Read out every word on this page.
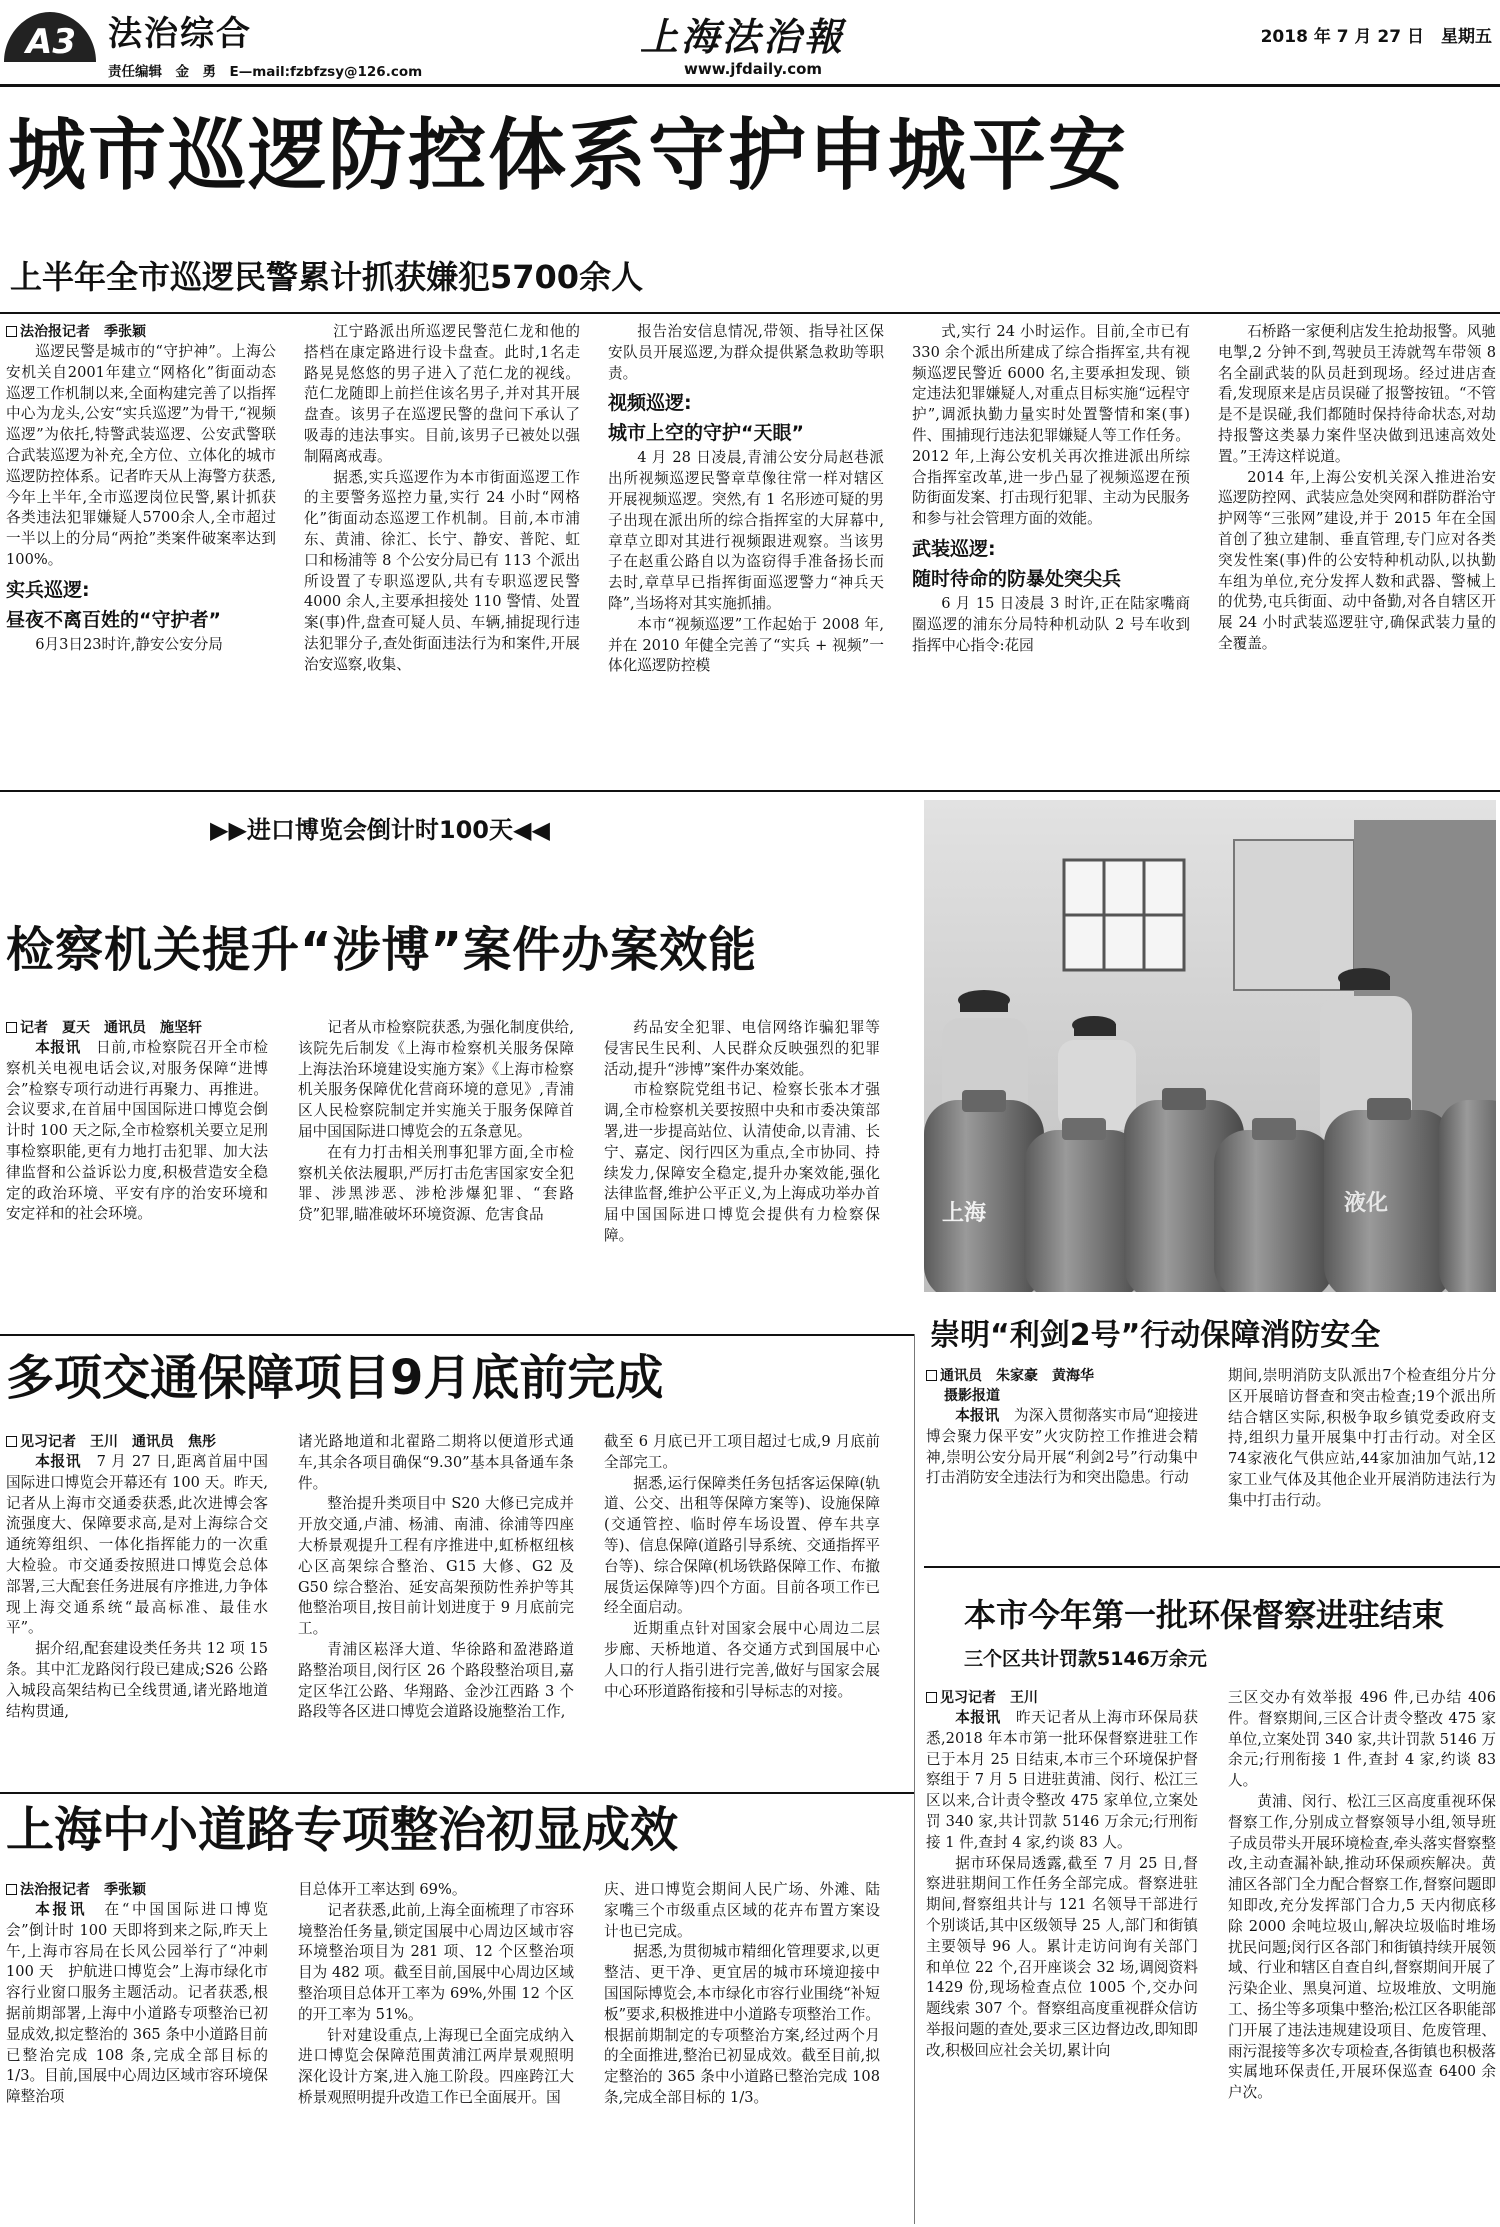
A3 法治综合
责任编辑　金　勇　E—mail:fzbfzsy@126.com
上海法治報
www.jfdaily.com
2018 年 7 月 27 日　星期五
城市巡逻防控体系守护申城平安
上半年全市巡逻民警累计抓获嫌犯5700余人
法治报记者　季张颖

巡逻民警是城市的“守护神”。上海公安机关自2001年建立“网格化”街面动态巡逻工作机制以来,全面构建完善了以指挥中心为龙头,公安“实兵巡逻”为骨干,“视频巡逻”为依托,特警武装巡逻、公安武警联合武装巡逻为补充,全方位、立体化的城市巡逻防控体系。记者昨天从上海警方获悉,今年上半年,全市巡逻岗位民警,累计抓获各类违法犯罪嫌疑人5700余人,全市超过一半以上的分局“两抢”类案件破案率达到100%。

实兵巡逻:
昼夜不离百姓的“守护者”

6月3日23时许,静安公安分局

江宁路派出所巡逻民警范仁龙和他的搭档在康定路进行设卡盘查。此时,1名走路晃晃悠悠的男子进入了范仁龙的视线。范仁龙随即上前拦住该名男子,并对其开展盘查。该男子在巡逻民警的盘问下承认了吸毒的违法事实。目前,该男子已被处以强制隔离戒毒。

据悉,实兵巡逻作为本市街面巡逻工作的主要警务巡控力量,实行 24 小时“网格化”街面动态巡逻工作机制。目前,本市浦东、黄浦、徐汇、长宁、静安、普陀、虹口和杨浦等 8 个公安分局已有 113 个派出所设置了专职巡逻队,共有专职巡逻民警 4000 余人,主要承担接处 110 警情、处置案(事)件,盘查可疑人员、车辆,捕捉现行违法犯罪分子,查处街面违法行为和案件,开展治安巡察,收集、

报告治安信息情况,带领、指导社区保安队员开展巡逻,为群众提供紧急救助等职责。

视频巡逻:
城市上空的守护“天眼”

4 月 28 日凌晨,青浦公安分局赵巷派出所视频巡逻民警章草像往常一样对辖区开展视频巡逻。突然,有 1 名形迹可疑的男子出现在派出所的综合指挥室的大屏幕中,章草立即对其进行视频跟进观察。当该男子在赵重公路自以为盗窃得手准备扬长而去时,章草早已指挥街面巡逻警力“神兵天降”,当场将对其实施抓捕。

本市“视频巡逻”工作起始于 2008 年,并在 2010 年健全完善了“实兵 + 视频”一体化巡逻防控模

式,实行 24 小时运作。目前,全市已有 330 余个派出所建成了综合指挥室,共有视频巡逻民警近 6000 名,主要承担发现、锁定违法犯罪嫌疑人,对重点目标实施“远程守护”,调派执勤力量实时处置警情和案(事)件、围捕现行违法犯罪嫌疑人等工作任务。2012 年,上海公安机关再次推进派出所综合指挥室改革,进一步凸显了视频巡逻在预防街面发案、打击现行犯罪、主动为民服务和参与社会管理方面的效能。

武装巡逻:
随时待命的防暴处突尖兵

6 月 15 日凌晨 3 时许,正在陆家嘴商圈巡逻的浦东分局特种机动队 2 号车收到指挥中心指令:花园

石桥路一家便利店发生抢劫报警。风驰电掣,2 分钟不到,驾驶员王涛就驾车带领 8 名全副武装的队员赶到现场。经过进店查看,发现原来是店员误碰了报警按钮。“不管是不是误碰,我们都随时保持待命状态,对劫持报警这类暴力案件坚决做到迅速高效处置。”王涛这样说道。

2014 年,上海公安机关深入推进治安巡逻防控网、武装应急处突网和群防群治守护网等“三张网”建设,并于 2015 年在全国首创了独立建制、垂直管理,专门应对各类突发性案(事)件的公安特种机动队,以执勤车组为单位,充分发挥人数和武器、警械上的优势,屯兵街面、动中备勤,对各自辖区开展 24 小时武装巡逻驻守,确保武装力量的全覆盖。

▶▶进口博览会倒计时100天◀◀
检察机关提升“涉博”案件办案效能
记者　夏天　通讯员　施坚轩

本报讯　 日前,市检察院召开全市检察机关电视电话会议,对服务保障“进博会”检察专项行动进行再聚力、再推进。会议要求,在首届中国国际进口博览会倒计时 100 天之际,全市检察机关要立足刑事检察职能,更有力地打击犯罪、加大法律监督和公益诉讼力度,积极营造安全稳定的政治环境、平安有序的治安环境和安定祥和的社会环境。

记者从市检察院获悉,为强化制度供给,该院先后制发《上海市检察机关服务保障上海法治环境建设实施方案》《上海市检察机关服务保障优化营商环境的意见》,青浦区人民检察院制定并实施关于服务保障首届中国国际进口博览会的五条意见。

在有力打击相关刑事犯罪方面,全市检察机关依法履职,严厉打击危害国家安全犯罪、涉黑涉恶、涉枪涉爆犯罪、“套路贷”犯罪,瞄准破坏环境资源、危害食品

药品安全犯罪、电信网络诈骗犯罪等侵害民生民利、人民群众反映强烈的犯罪活动,提升“涉博”案件办案效能。

市检察院党组书记、检察长张本才强调,全市检察机关要按照中央和市委决策部署,进一步提高站位、认清使命,以青浦、长宁、嘉定、闵行四区为重点,全市协同、持续发力,保障安全稳定,提升办案效能,强化法律监督,维护公平正义,为上海成功举办首届中国国际进口博览会提供有力检察保障。

上海	液化
崇明“利剑2号”行动保障消防安全
通讯员　朱家豪　黄海华
摄影报道

本报讯　 为深入贯彻落实市局“迎接进博会聚力保平安”火灾防控工作推进会精神,崇明公安分局开展“利剑2号”行动集中打击消防安全违法行为和突出隐患。行动

期间,崇明消防支队派出7个检查组分片分区开展暗访督查和突击检查;19个派出所结合辖区实际,积极争取乡镇党委政府支持,组织力量开展集中打击行动。对全区74家液化气供应站,44家加油加气站,12家工业气体及其他企业开展消防违法行为集中打击行动。

多项交通保障项目9月底前完成
见习记者　王川　通讯员　焦彤

本报讯　 7 月 27 日,距离首届中国国际进口博览会开幕还有 100 天。昨天,记者从上海市交通委获悉,此次进博会客流强度大、保障要求高,是对上海综合交通统筹组织、一体化指挥能力的一次重大检验。市交通委按照进口博览会总体部署,三大配套任务进展有序推进,力争体现上海交通系统“最高标准、最佳水平”。

据介绍,配套建设类任务共 12 项 15 条。其中汇龙路闵行段已建成;S26 公路入城段高架结构已全线贯通,诸光路地道结构贯通,

诸光路地道和北翟路二期将以便道形式通车,其余各项目确保“9.30”基本具备通车条件。

整治提升类项目中 S20 大修已完成并开放交通,卢浦、杨浦、南浦、徐浦等四座大桥景观提升工程有序推进中,虹桥枢纽核心区高架综合整治、G15 大修、G2 及 G50 综合整治、延安高架预防性养护等其他整治项目,按目前计划进度于 9 月底前完工。

青浦区崧泽大道、华徐路和盈港路道路整治项目,闵行区 26 个路段整治项目,嘉定区华江公路、华翔路、金沙江西路 3 个路段等各区进口博览会道路设施整治工作,

截至 6 月底已开工项目超过七成,9 月底前全部完工。

据悉,运行保障类任务包括客运保障(轨道、公交、出租等保障方案等)、设施保障(交通管控、临时停车场设置、停车共享等)、信息保障(道路引导系统、交通指挥平台等)、综合保障(机场铁路保障工作、布撤展货运保障等)四个方面。目前各项工作已经全面启动。

近期重点针对国家会展中心周边二层步廊、天桥地道、各交通方式到国展中心人口的行人指引进行完善,做好与国家会展中心环形道路衔接和引导标志的对接。

本市今年第一批环保督察进驻结束
三个区共计罚款5146万余元
见习记者　王川

本报讯　 昨天记者从上海市环保局获悉,2018 年本市第一批环保督察进驻工作已于本月 25 日结束,本市三个环境保护督察组于 7 月 5 日进驻黄浦、闵行、松江三区以来,合计责令整改 475 家单位,立案处罚 340 家,共计罚款 5146 万余元;行刑衔接 1 件,查封 4 家,约谈 83 人。

据市环保局透露,截至 7 月 25 日,督察进驻期间工作任务全部完成。督察进驻期间,督察组共计与 121 名领导干部进行个别谈话,其中区级领导 25 人,部门和街镇主要领导 96 人。累计走访问询有关部门和单位 22 个,召开座谈会 32 场,调阅资料 1429 份,现场检查点位 1005 个,交办问题线索 307 个。督察组高度重视群众信访举报问题的查处,要求三区边督边改,即知即改,积极回应社会关切,累计向

三区交办有效举报 496 件,已办结 406 件。督察期间,三区合计责令整改 475 家单位,立案处罚 340 家,共计罚款 5146 万余元;行刑衔接 1 件,查封 4 家,约谈 83 人。

黄浦、闵行、松江三区高度重视环保督察工作,分别成立督察领导小组,领导班子成员带头开展环境检查,牵头落实督察整改,主动查漏补缺,推动环保顽疾解决。黄浦区各部门全力配合督察工作,督察问题即知即改,充分发挥部门合力,5 天内彻底移除 2000 余吨垃圾山,解决垃圾临时堆场扰民问题;闵行区各部门和街镇持续开展领域、行业和辖区自查自纠,督察期间开展了污染企业、黑臭河道、垃圾堆放、文明施工、扬尘等多项集中整治;松江区各职能部门开展了违法违规建设项目、危废管理、雨污混接等多次专项检查,各街镇也积极落实属地环保责任,开展环保巡查 6400 余户次。

上海中小道路专项整治初显成效
法治报记者　季张颖

本报讯　 在“中国国际进口博览会”倒计时 100 天即将到来之际,昨天上午,上海市容局在长风公园举行了“冲刺 100 天　护航进口博览会”上海市绿化市容行业窗口服务主题活动。记者获悉,根据前期部署,上海中小道路专项整治已初显成效,拟定整治的 365 条中小道路目前已整治完成 108 条,完成全部目标的 1/3。目前,国展中心周边区域市容环境保障整治项

目总体开工率达到 69%。

记者获悉,此前,上海全面梳理了市容环境整治任务量,锁定国展中心周边区域市容环境整治项目为 281 项、12 个区整治项目为 482 项。截至目前,国展中心周边区域整治项目总体开工率为 69%,外围 12 个区的开工率为 51%。

针对建设重点,上海现已全面完成纳入进口博览会保障范围黄浦江两岸景观照明深化设计方案,进入施工阶段。四座跨江大桥景观照明提升改造工作已全面展开。国

庆、进口博览会期间人民广场、外滩、陆家嘴三个市级重点区域的花卉布置方案设计也已完成。

据悉,为贯彻城市精细化管理要求,以更整洁、更干净、更宜居的城市环境迎接中国国际博览会,本市绿化市容行业围绕“补短板”要求,积极推进中小道路专项整治工作。根据前期制定的专项整治方案,经过两个月的全面推进,整治已初显成效。截至目前,拟定整治的 365 条中小道路已整治完成 108 条,完成全部目标的 1/3。
